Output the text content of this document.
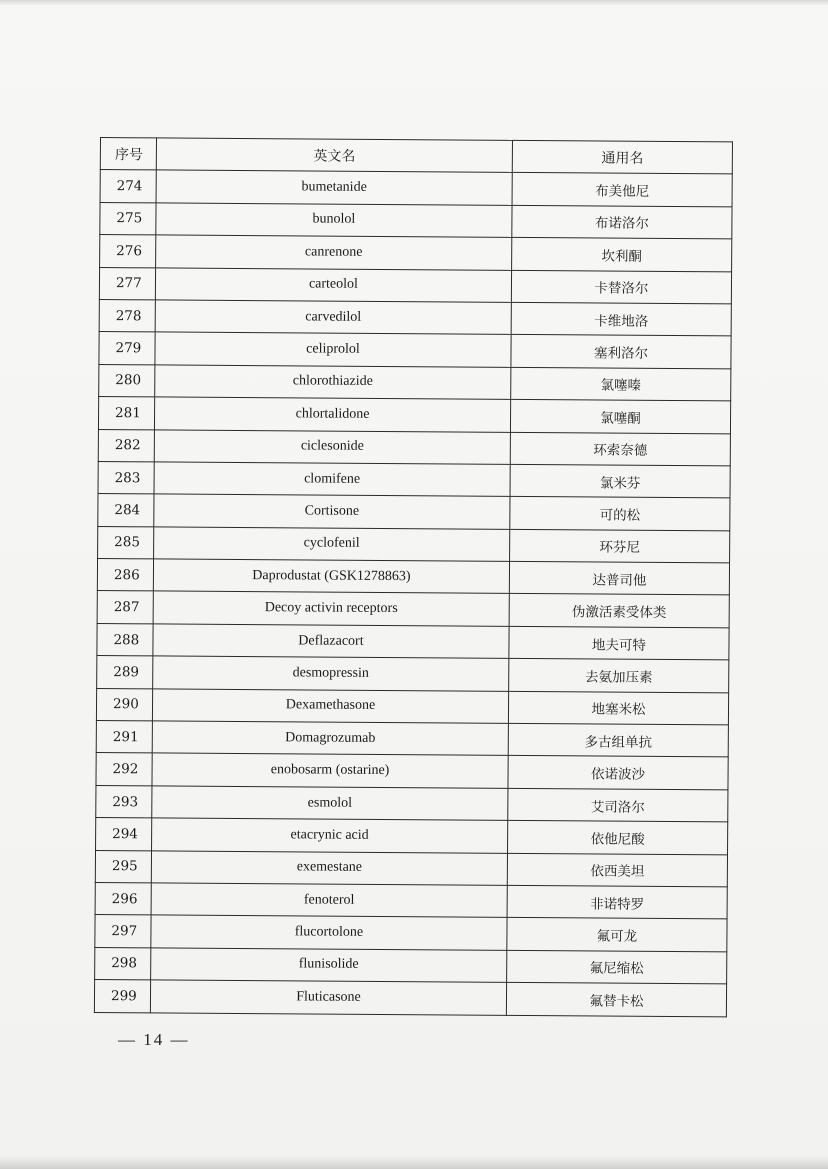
序号	英文名	通用名
274	bumetanide	布美他尼
275	bunolol	布诺洛尔
276	canrenone	坎利酮
277	carteolol	卡替洛尔
278	carvedilol	卡维地洛
279	celiprolol	塞利洛尔
280	chlorothiazide	氯噻嗪
281	chlortalidone	氯噻酮
282	ciclesonide	环索奈德
283	clomifene	氯米芬
284	Cortisone	可的松
285	cyclofenil	环芬尼
286	Daprodustat (GSK1278863)	达普司他
287	Decoy activin receptors	伪激活素受体类
288	Deflazacort	地夫可特
289	desmopressin	去氨加压素
290	Dexamethasone	地塞米松
291	Domagrozumab	多古组单抗
292	enobosarm (ostarine)	依诺波沙
293	esmolol	艾司洛尔
294	etacrynic acid	依他尼酸
295	exemestane	依西美坦
296	fenoterol	非诺特罗
297	flucortolone	氟可龙
298	flunisolide	氟尼缩松
299	Fluticasone	氟替卡松
— 14 —
